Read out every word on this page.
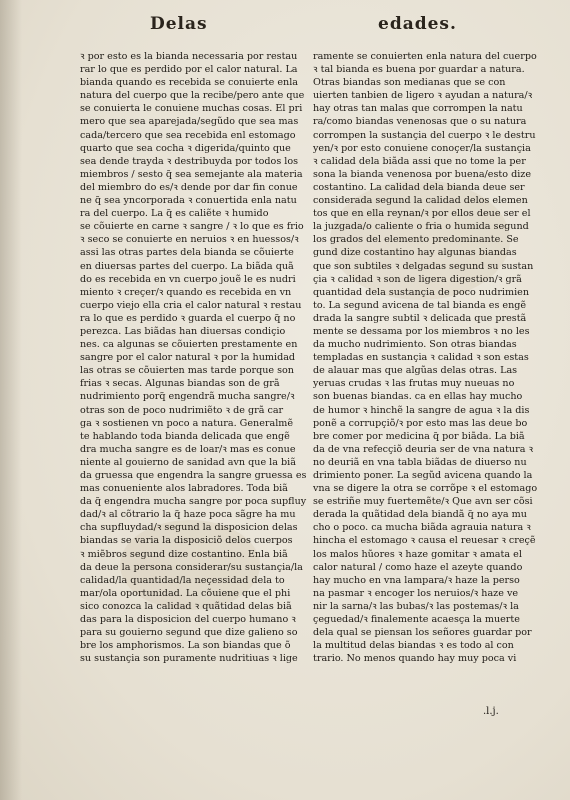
Delas	edades.
ꝛ por esto es la bianda necessaria por restau
rar lo que es perdido por el calor natural. La
bianda quando es recebida se conuierte enla
natura del cuerpo que la recibe/pero ante que
se conuierta le conuiene muchas cosas. El pri
mero que sea aparejada/segũdo que sea mas
cada/tercero que sea recebida enl estomago
quarto que sea cocha ꝛ digerida/quinto que
sea dende trayda ꝛ destribuyda por todos los
miembros / sesto q̃ sea semejante ala materia
del miembro do es/ꝛ dende por dar fin conue
ne q̃ sea yncorporada ꝛ conuertida enla natu
ra del cuerpo. La q̃ es caliẽte ꝛ humido
se cõuierte en carne ꝛ sangre / ꝛ lo que es frio
ꝛ seco se conuierte en neruios ꝛ en huessos/ꝛ
assi las otras partes dela bianda se cõuierte
en diuersas partes del cuerpo. La biãda quã
do es recebida en vn cuerpo jouẽ le es nudri
miento ꝛ creçer/ꝛ quando es recebida en vn
cuerpo viejo ella cria el calor natural ꝛ restau
ra lo que es perdido ꝛ guarda el cuerpo q̃ no
perezca. Las biãdas han diuersas condiçio
nes. ca algunas se cõuierten prestamente en
sangre por el calor natural ꝛ por la humidad
las otras se cõuierten mas tarde porque son
frias ꝛ secas. Algunas biandas son de grã
nudrimiento porq̃ engendrã mucha sangre/ꝛ
otras son de poco nudrimiẽto ꝛ de grã car
ga ꝛ sostienen vn poco a natura. Generalmẽ
te hablando toda bianda delicada que engẽ
dra mucha sangre es de loar/ꝛ mas es conue
niente al gouierno de sanidad avn que la biã
da gruessa que engendra la sangre gruessa es
mas conueniente alos labradores. Toda biã
da q̃ engendra mucha sangre por poca supfluy
dad/ꝛ al cõtrario la q̃ haze poca sãgre ha mu
cha supfluydad/ꝛ segund la disposicion delas
biandas se varia la disposiciõ delos cuerpos
ꝛ miẽbros segund dize costantino. Enla biã
da deue la persona considerar/su sustançia/la
calidad/la quantidad/la neçessidad dela to
mar/ola oportunidad. La cõuiene que el phi
sico conozca la calidad ꝛ quãtidad delas biã
das para la disposicion del cuerpo humano ꝛ
para su gouierno segund que dize galieno so
bre los amphorismos. La son biandas que õ
su sustançia son puramente nudritiuas ꝛ lige
ramente se conuierten enla natura del cuerpo
ꝛ tal bianda es buena por guardar a natura.
Otras biandas son medianas que se con
uierten tanbien de ligero ꝛ ayudan a natura/ꝛ
hay otras tan malas que corrompen la natu
ra/como biandas venenosas que o su natura
corrompen la sustançia del cuerpo ꝛ le destru
yen/ꝛ por esto conuiene conoçer/la sustançia
ꝛ calidad dela biãda assi que no tome la per
sona la bianda venenosa por buena/esto dize
costantino. La calidad dela bianda deue ser
considerada segund la calidad delos elemen
tos que en ella reynan/ꝛ por ellos deue ser el
la juzgada/o caliente o fria o humida segund
los grados del elemento predominante. Se
gund dize costantino hay algunas biandas
que son subtiles ꝛ delgadas segund su sustan
çia ꝛ calidad ꝛ son de ligera digestion/ꝛ grã
quantidad dela sustançia de poco nudrimien
to. La segund avicena de tal bianda es engẽ
drada la sangre subtil ꝛ delicada que prestã
mente se dessama por los miembros ꝛ no les
da mucho nudrimiento. Son otras biandas
templadas en sustançia ꝛ calidad ꝛ son estas
de alauar mas que algũas delas otras. Las
yeruas crudas ꝛ las frutas muy nueuas no
son buenas biandas. ca en ellas hay mucho
de humor ꝛ hinchẽ la sangre de agua ꝛ la dis
ponẽ a corrupçiõ/ꝛ por esto mas las deue bo
bre comer por medicina q̃ por biãda. La biã
da de vna refecçiõ deuria ser de vna natura ꝛ
no deuriã en vna tabla biãdas de diuerso nu
drimiento poner. La segũd avicena quando la
vna se digere la otra se corrõpe ꝛ el estomago
se estriñe muy fuertemẽte/ꝛ Que avn ser cõsi
derada la quãtidad dela biandã q̃ no aya mu
cho o poco. ca mucha biãda agrauia natura ꝛ
hincha el estomago ꝛ causa el reuesar ꝛ creçẽ
los malos hũores ꝛ haze gomitar ꝛ amata el
calor natural / como haze el azeyte quando
hay mucho en vna lampara/ꝛ haze la perso
na pasmar ꝛ encoger los neruios/ꝛ haze ve
nir la sarna/ꝛ las bubas/ꝛ las postemas/ꝛ la
çeguedad/ꝛ finalemente acaesça la muerte
dela qual se piensan los señores guardar por
la multitud delas biandas ꝛ es todo al con
trario. No menos quando hay muy poca vi
.l.j.
